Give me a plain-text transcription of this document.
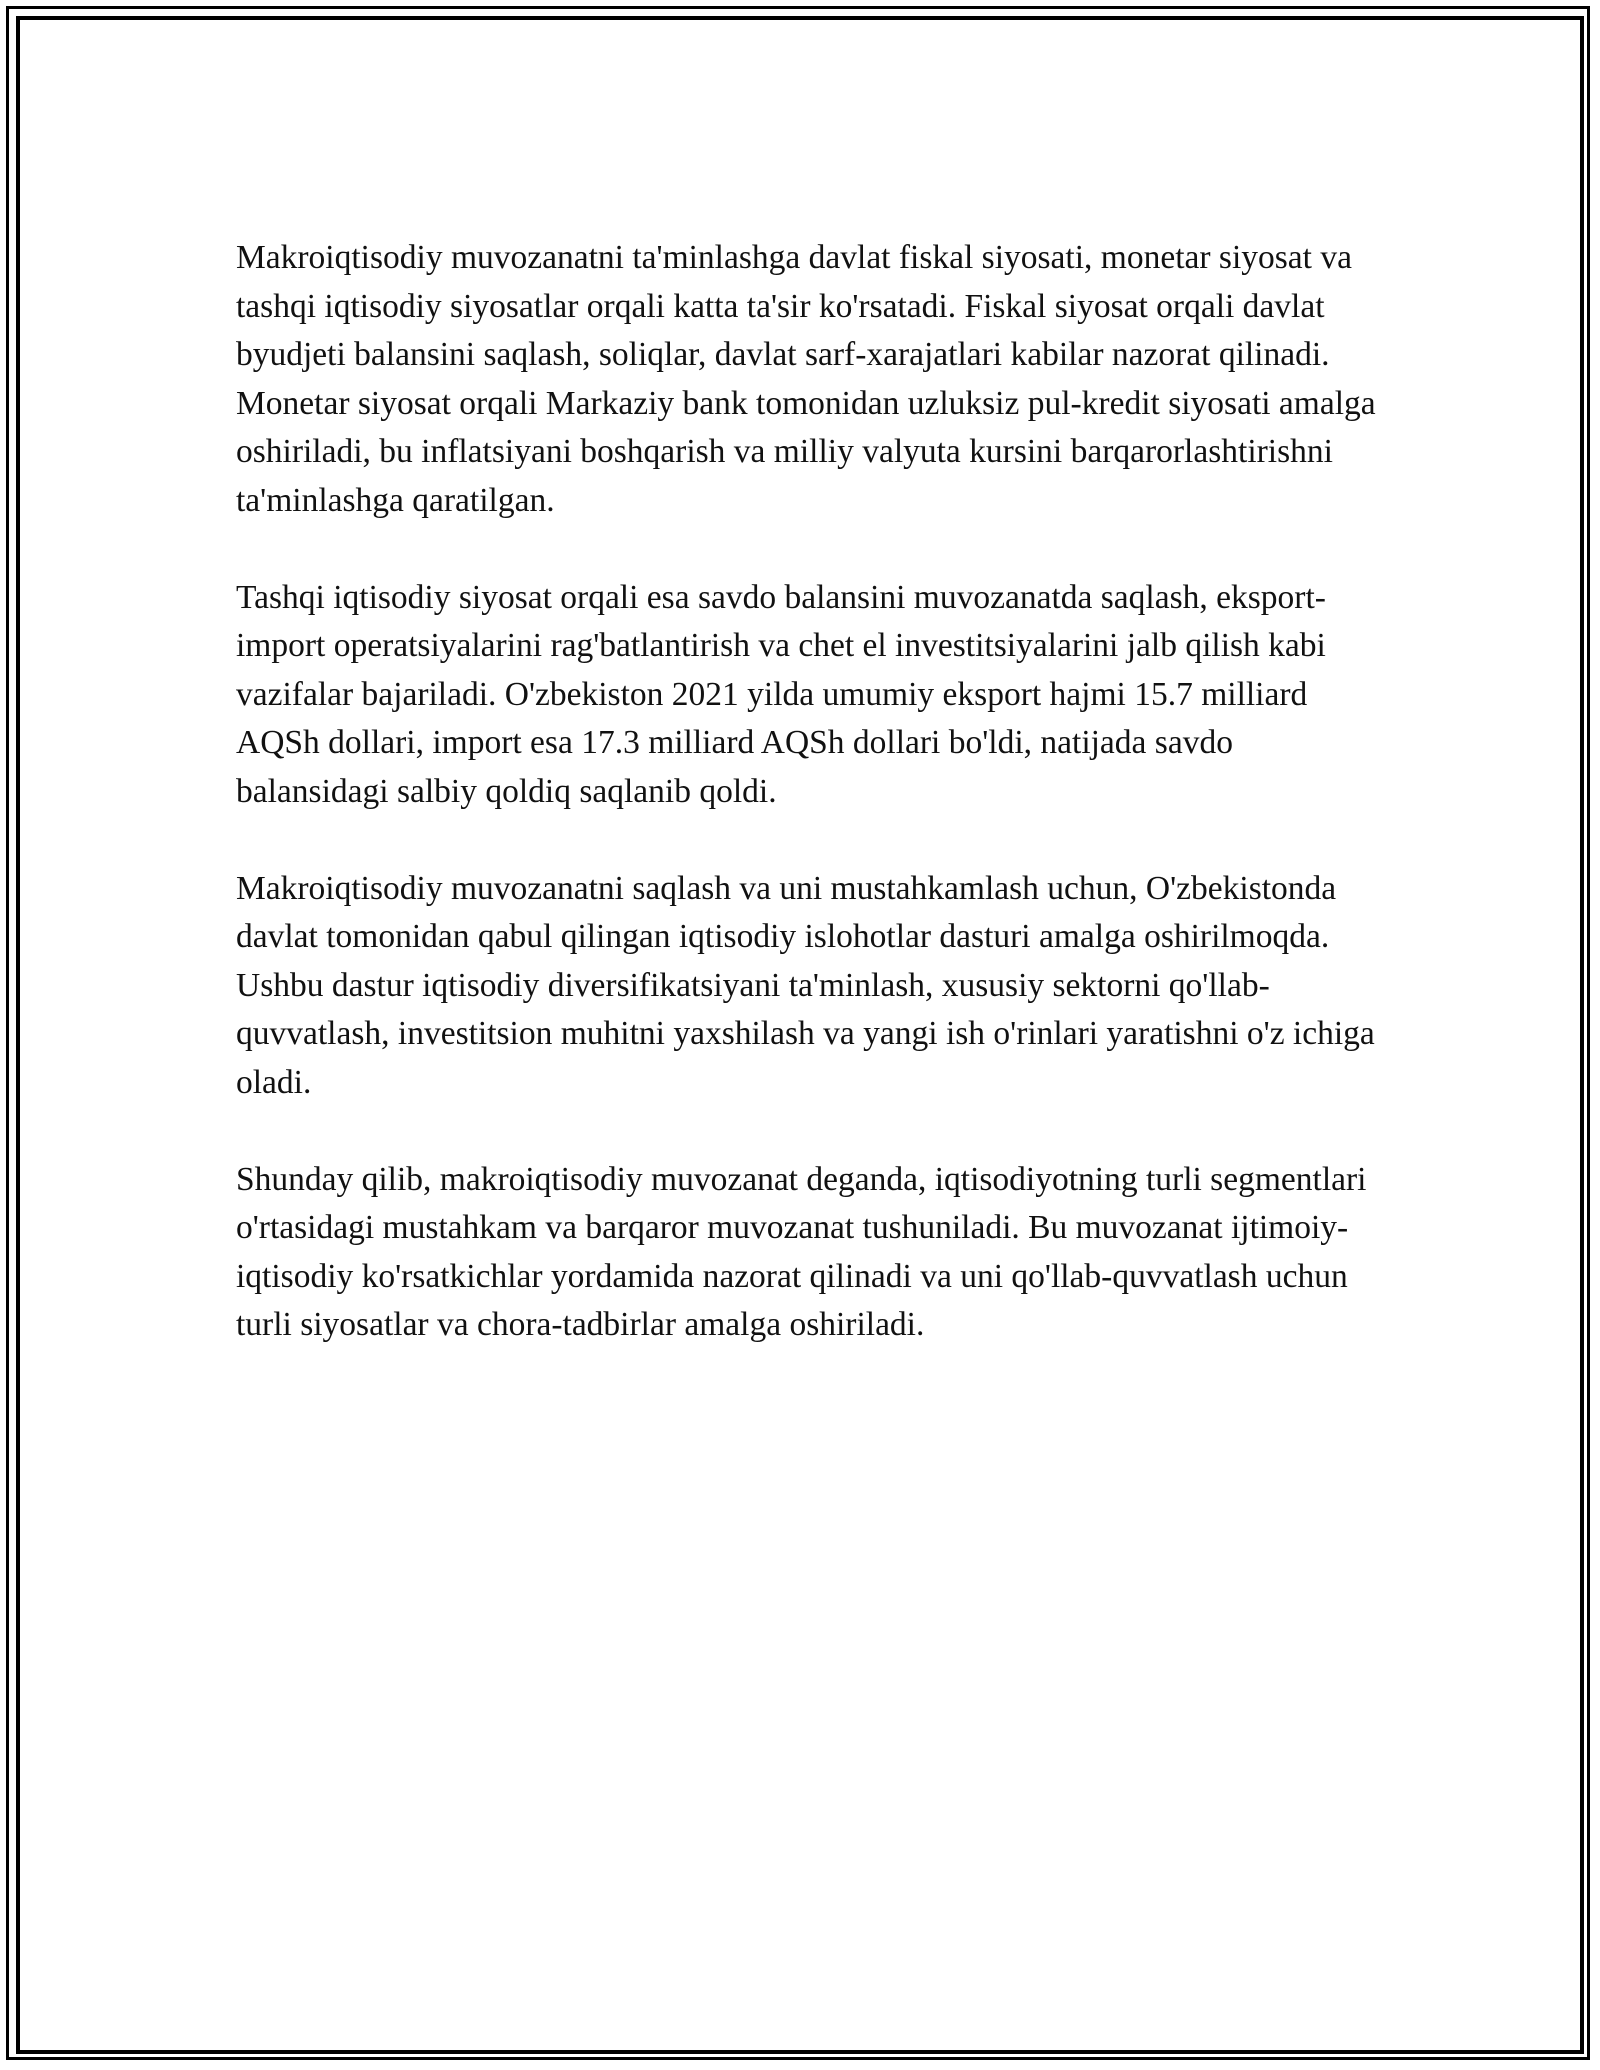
Makroiqtisodiy muvozanatni ta'minlashga davlat fiskal siyosati, monetar siyosat va tashqi iqtisodiy siyosatlar orqali katta ta'sir ko'rsatadi. Fiskal siyosat orqali davlat byudjeti balansini saqlash, soliqlar, davlat sarf-xarajatlari kabilar nazorat qilinadi. Monetar siyosat orqali Markaziy bank tomonidan uzluksiz pul-kredit siyosati amalga oshiriladi, bu inflatsiyani boshqarish va milliy valyuta kursini barqarorlashtirishni ta'minlashga qaratilgan.

Tashqi iqtisodiy siyosat orqali esa savdo balansini muvozanatda saqlash, eksport-import operatsiyalarini rag'batlantirish va chet el investitsiyalarini jalb qilish kabi vazifalar bajariladi. O'zbekiston 2021 yilda umumiy eksport hajmi 15.7 milliard AQSh dollari, import esa 17.3 milliard AQSh dollari bo'ldi, natijada savdo balansidagi salbiy qoldiq saqlanib qoldi.

Makroiqtisodiy muvozanatni saqlash va uni mustahkamlash uchun, O'zbekistonda davlat tomonidan qabul qilingan iqtisodiy islohotlar dasturi amalga oshirilmoqda. Ushbu dastur iqtisodiy diversifikatsiyani ta'minlash, xususiy sektorni qo'llab-quvvatlash, investitsion muhitni yaxshilash va yangi ish o'rinlari yaratishni o'z ichiga oladi.

Shunday qilib, makroiqtisodiy muvozanat deganda, iqtisodiyotning turli segmentlari o'rtasidagi mustahkam va barqaror muvozanat tushuniladi. Bu muvozanat ijtimoiy-iqtisodiy ko'rsatkichlar yordamida nazorat qilinadi va uni qo'llab-quvvatlash uchun turli siyosatlar va chora-tadbirlar amalga oshiriladi.
